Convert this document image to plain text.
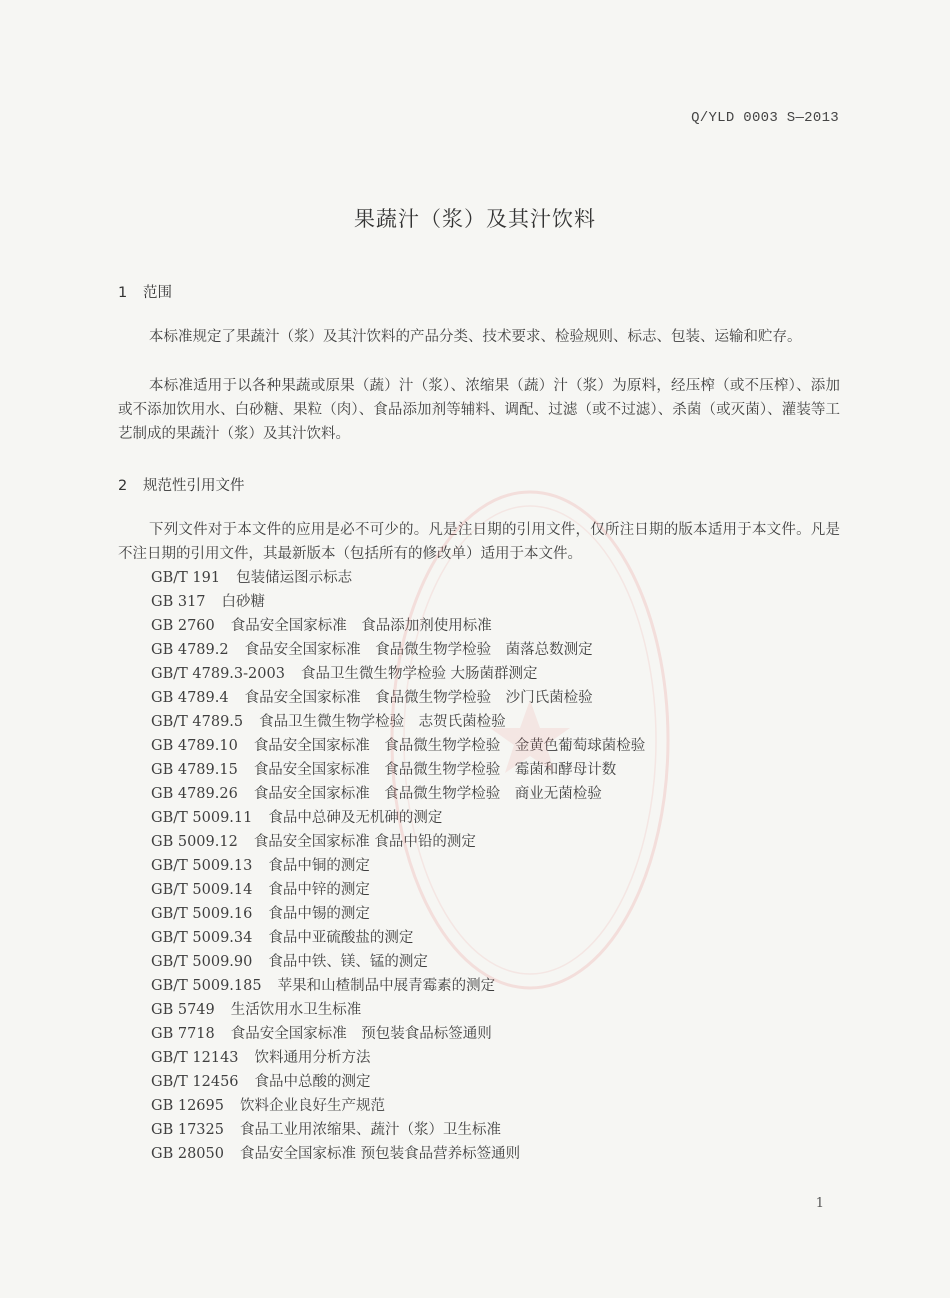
Q/YLD 0003 S—2013
果蔬汁（浆）及其汁饮料
1 范围

本标准规定了果蔬汁（浆）及其汁饮料的产品分类、技术要求、检验规则、标志、包装、运输和贮存。

本标准适用于以各种果蔬或原果（蔬）汁（浆）、浓缩果（蔬）汁（浆）为原料，经压榨（或不压榨）、添加或不添加饮用水、白砂糖、果粒（肉）、食品添加剂等辅料、调配、过滤（或不过滤）、杀菌（或灭菌）、灌装等工艺制成的果蔬汁（浆）及其汁饮料。

2 规范性引用文件

下列文件对于本文件的应用是必不可少的。凡是注日期的引用文件，仅所注日期的版本适用于本文件。凡是不注日期的引用文件，其最新版本（包括所有的修改单）适用于本文件。

GB/T 191 包装储运图示标志
GB 317 白砂糖
GB 2760 食品安全国家标准　食品添加剂使用标准
GB 4789.2 食品安全国家标准　食品微生物学检验　菌落总数测定
GB/T 4789.3-2003 食品卫生微生物学检验 大肠菌群测定
GB 4789.4 食品安全国家标准　食品微生物学检验　沙门氏菌检验
GB/T 4789.5 食品卫生微生物学检验　志贺氏菌检验
GB 4789.10 食品安全国家标准　食品微生物学检验　金黄色葡萄球菌检验
GB 4789.15 食品安全国家标准　食品微生物学检验　霉菌和酵母计数
GB 4789.26 食品安全国家标准　食品微生物学检验　商业无菌检验
GB/T 5009.11 食品中总砷及无机砷的测定
GB 5009.12 食品安全国家标准 食品中铅的测定
GB/T 5009.13 食品中铜的测定
GB/T 5009.14 食品中锌的测定
GB/T 5009.16 食品中锡的测定
GB/T 5009.34 食品中亚硫酸盐的测定
GB/T 5009.90 食品中铁、镁、锰的测定
GB/T 5009.185 苹果和山楂制品中展青霉素的测定
GB 5749 生活饮用水卫生标准
GB 7718 食品安全国家标准　预包装食品标签通则
GB/T 12143 饮料通用分析方法
GB/T 12456 食品中总酸的测定
GB 12695 饮料企业良好生产规范
GB 17325 食品工业用浓缩果、蔬汁（浆）卫生标准
GB 28050 食品安全国家标准 预包装食品营养标签通则
1
